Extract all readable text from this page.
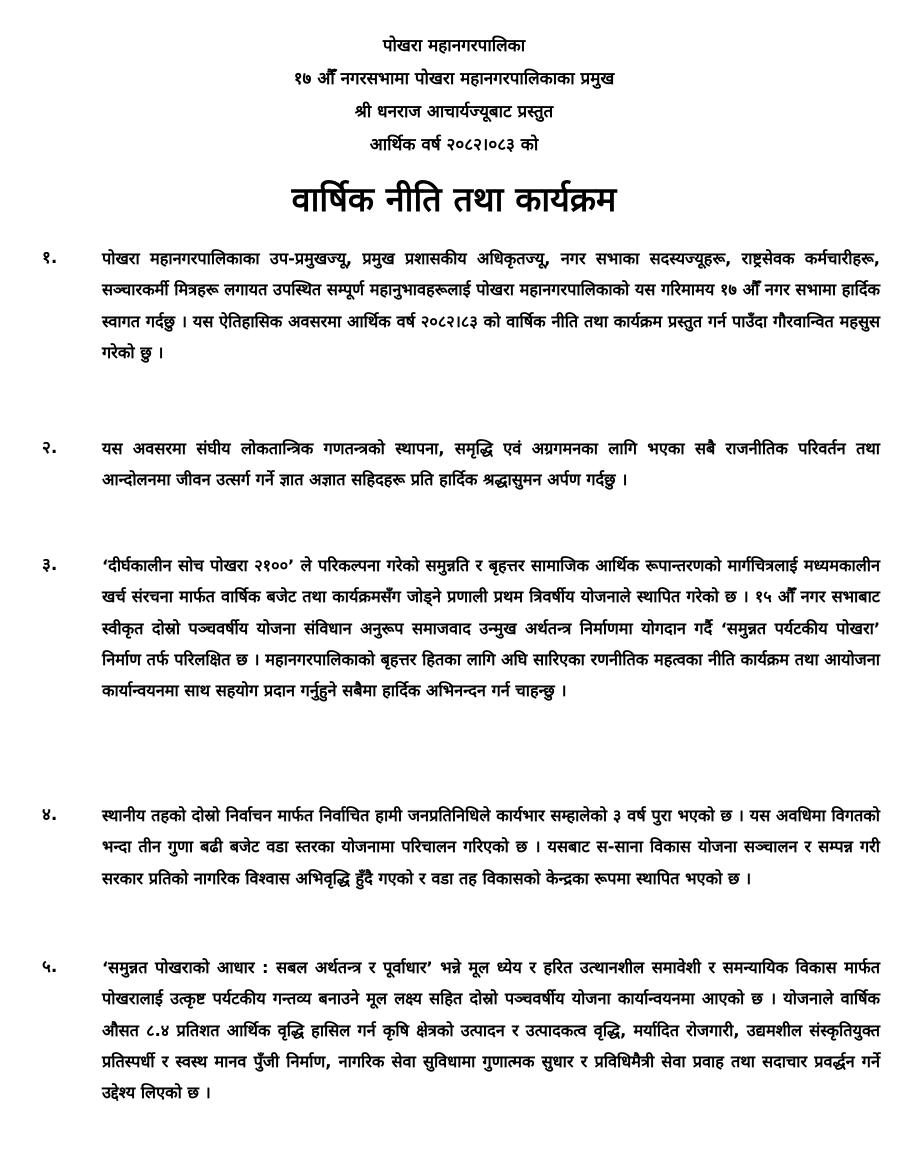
पोखरा महानगरपालिका
१७ औँ नगरसभामा पोखरा महानगरपालिकाका प्रमुख
श्री धनराज आचार्यज्यूबाट प्रस्तुत
आर्थिक वर्ष २०८२।०८३ को
वार्षिक नीति तथा कार्यक्रम
१.	पोखरा महानगरपालिकाका उप-प्रमुखज्यू, प्रमुख प्रशासकीय अधिकृतज्यू, नगर सभाका सदस्यज्यूहरू, राष्ट्रसेवक कर्मचारीहरू, सञ्चारकर्मी मित्रहरू लगायत उपस्थित सम्पूर्ण महानुभावहरूलाई पोखरा महानगरपालिकाको यस गरिमामय १७ औँ नगर सभामा हार्दिक स्वागत गर्दछु । यस ऐतिहासिक अवसरमा आर्थिक वर्ष २०८२।८३ को वार्षिक नीति तथा कार्यक्रम प्रस्तुत गर्न पाउँदा गौरवान्वित महसुस गरेको छु ।
२.	यस अवसरमा संघीय लोकतान्त्रिक गणतन्त्रको स्थापना, समृद्धि एवं अग्रगमनका लागि भएका सबै राजनीतिक परिवर्तन तथा आन्दोलनमा जीवन उत्सर्ग गर्ने ज्ञात अज्ञात सहिदहरू प्रति हार्दिक श्रद्धासुमन अर्पण गर्दछु ।
३.	‘दीर्घकालीन सोच पोखरा २१००’ ले परिकल्पना गरेको समुन्नति र बृहत्तर सामाजिक आर्थिक रूपान्तरणको मार्गचित्रलाई मध्यमकालीन खर्च संरचना मार्फत वार्षिक बजेट तथा कार्यक्रमसँग जोड्ने प्रणाली प्रथम त्रिवर्षीय योजनाले स्थापित गरेको छ । १५ औँ नगर सभाबाट स्वीकृत दोस्रो पञ्चवर्षीय योजना संविधान अनुरूप समाजवाद उन्मुख अर्थतन्त्र निर्माणमा योगदान गर्दै ‘समुन्नत पर्यटकीय पोखरा’ निर्माण तर्फ परिलक्षित छ । महानगरपालिकाको बृहत्तर हितका लागि अघि सारिएका रणनीतिक महत्वका नीति कार्यक्रम तथा आयोजना कार्यान्वयनमा साथ सहयोग प्रदान गर्नुहुने सबैमा हार्दिक अभिनन्दन गर्न चाहन्छु ।
४.	स्थानीय तहको दोस्रो निर्वाचन मार्फत निर्वाचित हामी जनप्रतिनिधिले कार्यभार सम्हालेको ३ वर्ष पुरा भएको छ । यस अवधिमा विगतको भन्दा तीन गुणा बढी बजेट वडा स्तरका योजनामा परिचालन गरिएको छ । यसबाट स-साना विकास योजना सञ्चालन र सम्पन्न गरी सरकार प्रतिको नागरिक विश्वास अभिवृद्धि हुँदै गएको र वडा तह विकासको केन्द्रका रूपमा स्थापित भएको छ ।
५.	‘समुन्नत पोखराको आधार : सबल अर्थतन्त्र र पूर्वाधार’ भन्ने मूल ध्येय र हरित उत्थानशील समावेशी र समन्यायिक विकास मार्फत पोखरालाई उत्कृष्ट पर्यटकीय गन्तव्य बनाउने मूल लक्ष्य सहित दोस्रो पञ्चवर्षीय योजना कार्यान्वयनमा आएको छ । योजनाले वार्षिक औसत ८.४ प्रतिशत आर्थिक वृद्धि हासिल गर्न कृषि क्षेत्रको उत्पादन र उत्पादकत्व वृद्धि, मर्यादित रोजगारी, उद्यमशील संस्कृतियुक्त प्रतिस्पर्धी र स्वस्थ मानव पुँजी निर्माण, नागरिक सेवा सुविधामा गुणात्मक सुधार र प्रविधिमैत्री सेवा प्रवाह तथा सदाचार प्रवर्द्धन गर्ने उद्देश्य लिएको छ ।
